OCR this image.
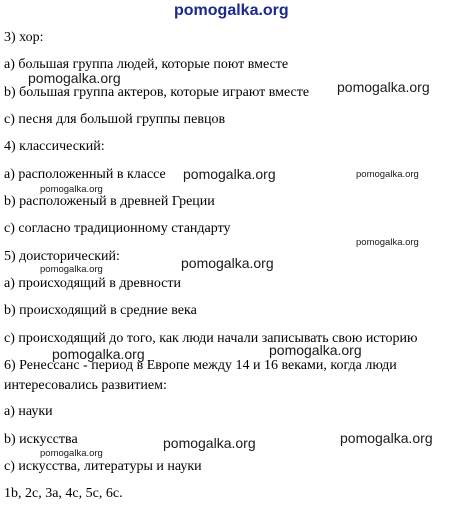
3) хор:
a) большая группа людей, которые поют вместе
b) большая группа актеров, которые играют вместе
c) песня для большой группы певцов
4) классический:
a) расположенный в классе
b) расположеный в древней Греции
c) согласно традиционному стандарту
5) доисторический:
a) происходящий в древности
b) происходящий в средние века
c) происходящий до того, как люди начали записывать свою историю
6) Ренессанс - период в Европе между 14 и 16 веками, когда люди
интересовались развитием:
a) науки
b) искусства
c) искусства, литературы и науки
1b, 2c, 3a, 4c, 5c, 6c.
pomogalka.org
pomogalka.org
pomogalka.org
pomogalka.org	pomogalka.org
pomogalka.org
pomogalka.org
pomogalka.org
pomogalka.org
pomogalka.org
pomogalka.org
pomogalka.org	pomogalka.org
pomogalka.org
